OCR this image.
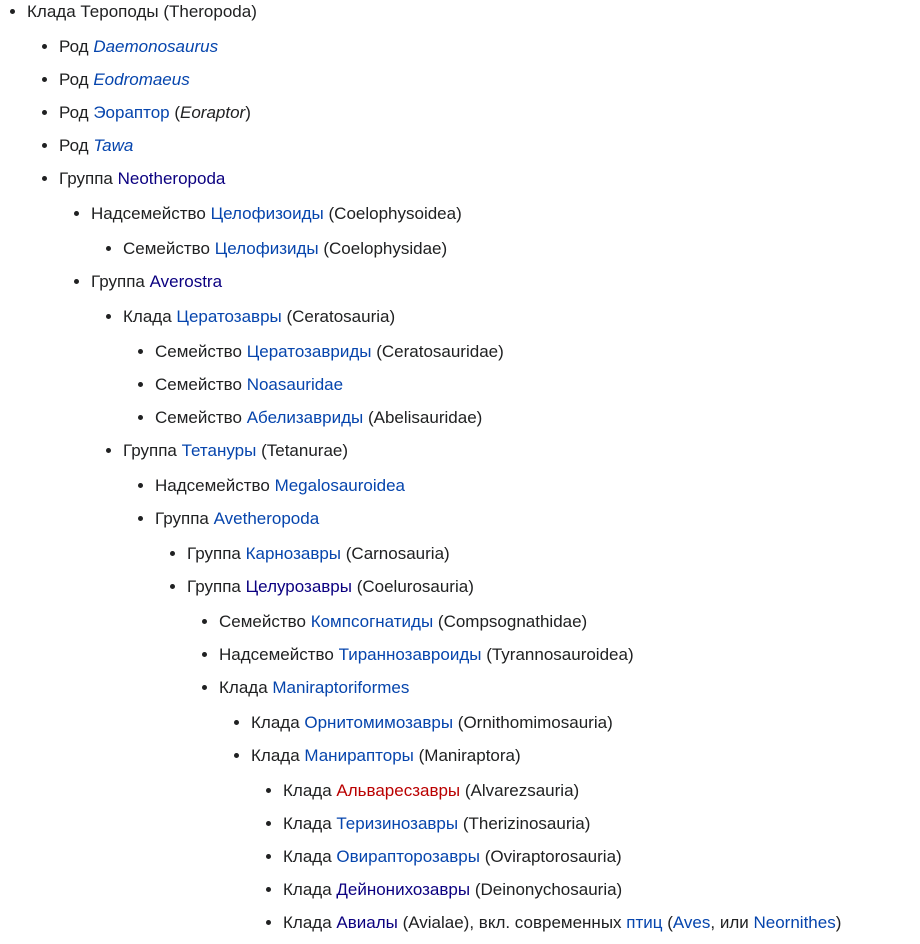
• Клада Тероподы (Theropoda)
• Род Daemonosaurus
• Род Eodromaeus
• Род Эораптор (Eoraptor)
• Род Tawa
• Группа Neotheropoda
• Надсемейство Целофизоиды (Coelophysoidea)
• Семейство Целофизиды (Coelophysidae)
• Группа Averostra
• Клада Цератозавры (Ceratosauria)
• Семейство Цератозавриды (Ceratosauridae)
• Семейство Noasauridae
• Семейство Абелизавриды (Abelisauridae)
• Группа Тетануры (Tetanurae)
• Надсемейство Megalosauroidea
• Группа Avetheropoda
• Группа Карнозавры (Carnosauria)
• Группа Целурозавры (Coelurosauria)
• Семейство Компсогнатиды (Compsognathidae)
• Надсемейство Тираннозавроиды (Tyrannosauroidea)
• Клада Maniraptoriformes
• Клада Орнитомимозавры (Ornithomimosauria)
• Клада Манирапторы (Maniraptora)
• Клада Альваресзавры (Alvarezsauria)
• Клада Теризинозавры (Therizinosauria)
• Клада Овирапторозавры (Oviraptorosauria)
• Клада Дейнонихозавры (Deinonychosauria)
• Клада Авиалы (Avialae), вкл. современных птиц (Aves, или Neornithes)
